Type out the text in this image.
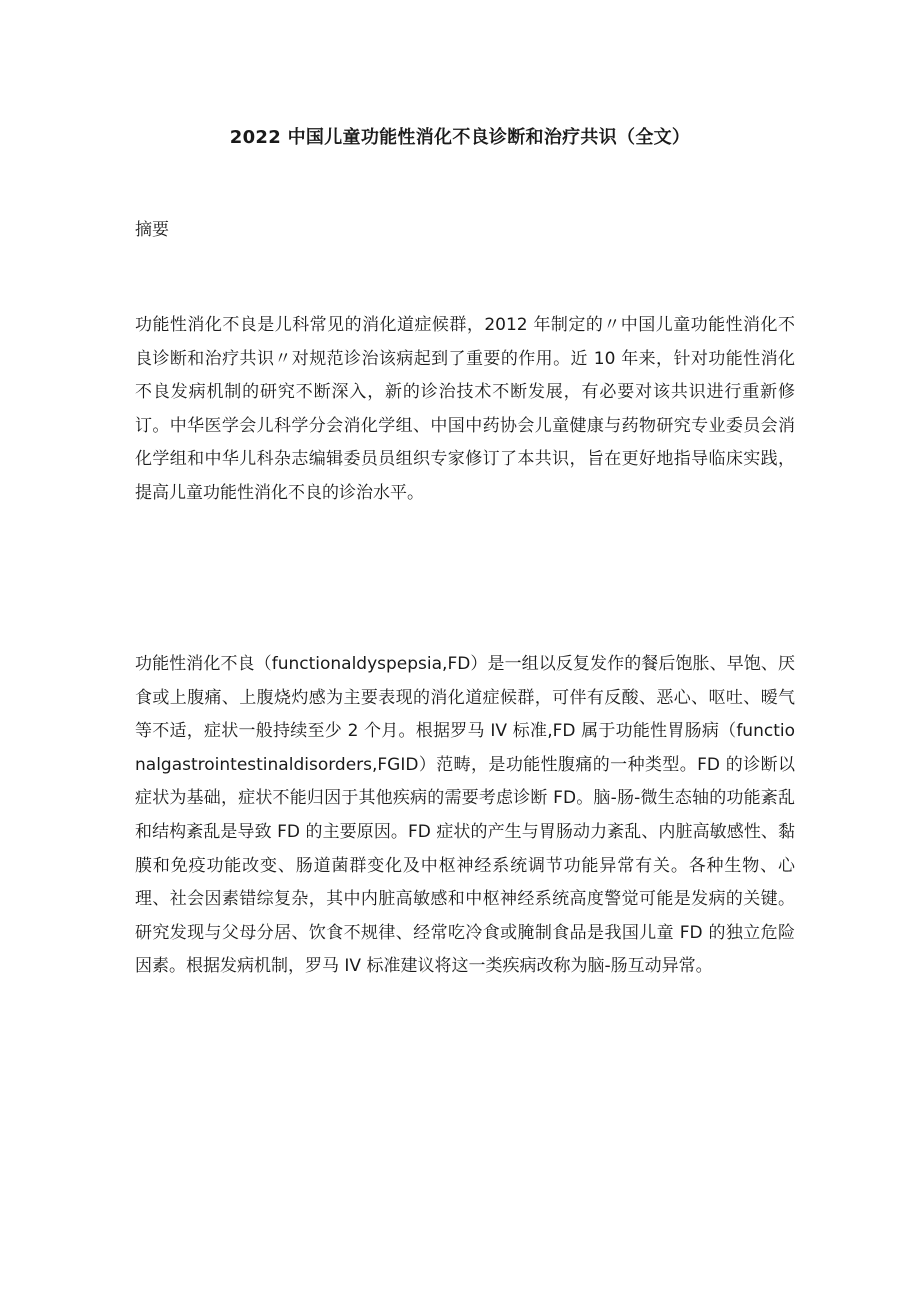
2022 中国儿童功能性消化不良诊断和治疗共识（全文）
摘要

功能性消化不良是儿科常见的消化道症候群，2012 年制定的〃中国儿童功能性消化不良诊断和治疗共识〃对规范诊治该病起到了重要的作用。近 10 年来，针对功能性消化不良发病机制的研究不断深入，新的诊治技术不断发展，有必要对该共识进行重新修订。中华医学会儿科学分会消化学组、中国中药协会儿童健康与药物研究专业委员会消化学组和中华儿科杂志编辑委员员组织专家修订了本共识，旨在更好地指导临床实践，提高儿童功能性消化不良的诊治水平。

功能性消化不良（functionaldyspepsia,FD）是一组以反复发作的餐后饱胀、早饱、厌食或上腹痛、上腹烧灼感为主要表现的消化道症候群，可伴有反酸、恶心、呕吐、暧气等不适，症状一般持续至少 2 个月。根据罗马 IV 标准,FD 属于功能性胃肠病（functionalgastrointestinaldisorders,FGID）范畴，是功能性腹痛的一种类型。FD 的诊断以症状为基础，症状不能归因于其他疾病的需要考虑诊断 FD。脑-肠-微生态轴的功能紊乱和结构紊乱是导致 FD 的主要原因。FD 症状的产生与胃肠动力紊乱、内脏高敏感性、黏膜和免疫功能改变、肠道菌群变化及中枢神经系统调节功能异常有关。各种生物、心理、社会因素错综复杂，其中内脏高敏感和中枢神经系统高度警觉可能是发病的关键。研究发现与父母分居、饮食不规律、经常吃冷食或腌制食品是我国儿童 FD 的独立危险因素。根据发病机制，罗马 IV 标准建议将这一类疾病改称为脑-肠互动异常。
